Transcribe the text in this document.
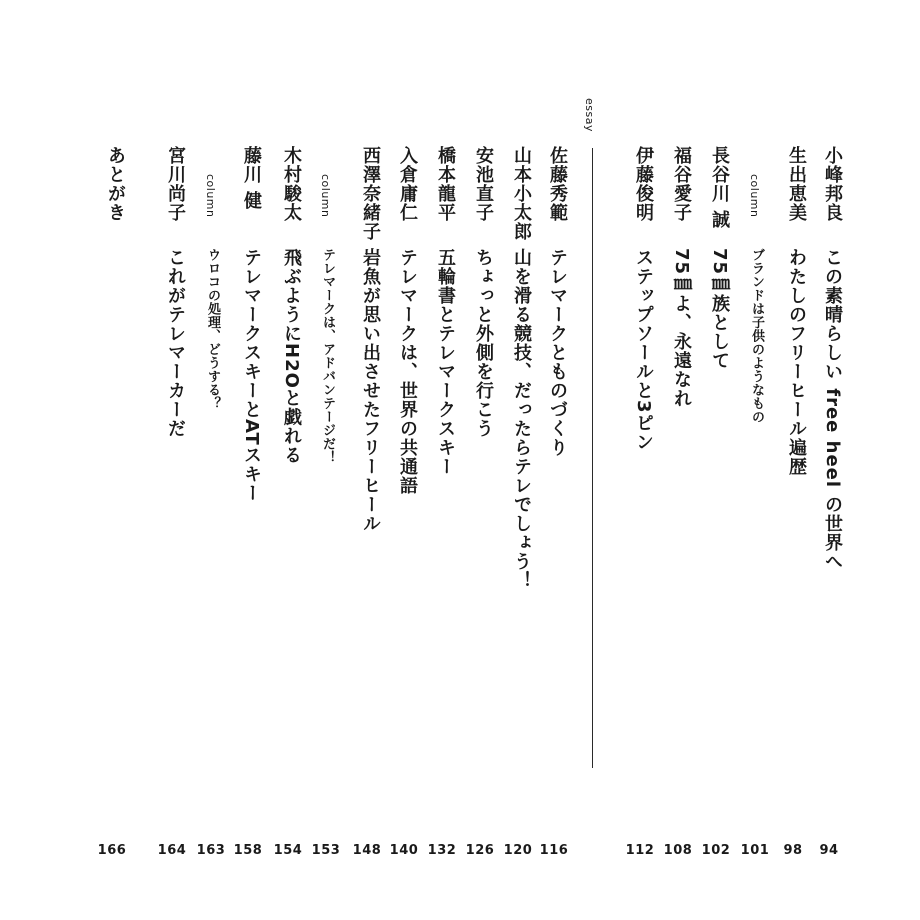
essay
小峰邦良
この素晴らしい free heel の世界へ
94
生出恵美
わたしのフリーヒール遍歴
98
column
ブランドは子供のようなもの
101
長谷川 誠
75㎜族として
102
福谷愛子
75㎜よ、永遠なれ
108
伊藤俊明
ステップソールと3ピン
112
佐藤秀範
テレマークとものづくり
116
山本小太郎
山を滑る競技、だったらテレでしょう！
120
安池直子
ちょっと外側を行こう
126
橋本龍平
五輪書とテレマークスキー
132
入倉庸仁
テレマークは、世界の共通語
140
西澤奈緒子
岩魚が思い出させたフリーヒール
148
column
テレマークは、アドバンテージだ！
153
木村駿太
飛ぶようにH2Oと戯れる
154
藤川 健
テレマークスキーとATスキー
158
column
ウロコの処理、どうする？
163
宮川尚子
これがテレマーカーだ
164
あとがき
166
